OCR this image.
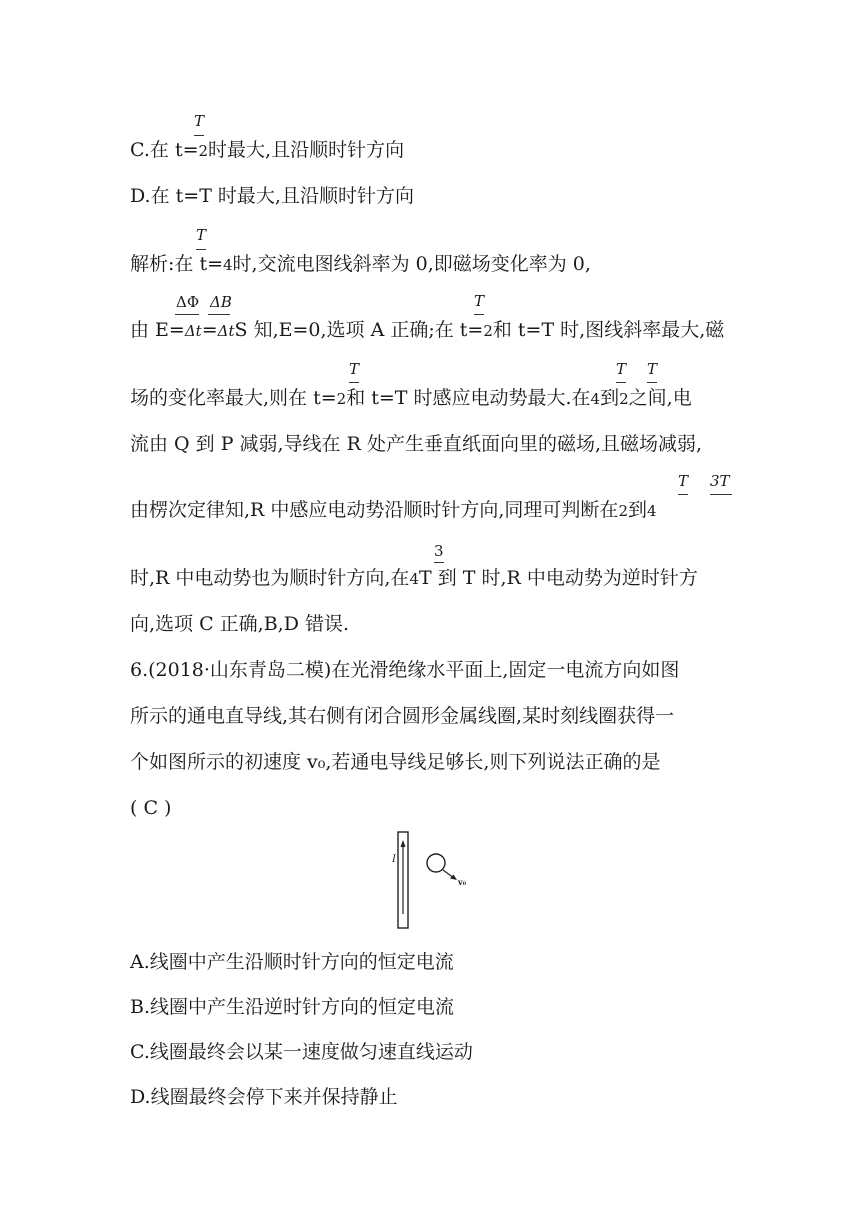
T
C.在 t=2时最大,且沿顺时针方向
D.在 t=T 时最大,且沿顺时针方向
T
解析:在 t=4时,交流电图线斜率为 0,即磁场变化率为 0,
ΔΦ ΔB	T
由 E=Δt=ΔtS 知,E=0,选项 A 正确;在 t=2和 t=T 时,图线斜率最大,磁
T	T T
场的变化率最大,则在 t=2和 t=T 时感应电动势最大.在4到2之间,电
流由 Q 到 P 减弱,导线在 R 处产生垂直纸面向里的磁场,且磁场减弱,
T 3T
由楞次定律知,R 中感应电动势沿顺时针方向,同理可判断在2到4
3
时,R 中电动势也为顺时针方向,在4T 到 T 时,R 中电动势为逆时针方
向,选项 C 正确,B,D 错误.
6.(2018·山东青岛二模)在光滑绝缘水平面上,固定一电流方向如图
所示的通电直导线,其右侧有闭合圆形金属线圈,某时刻线圈获得一
个如图所示的初速度 v₀,若通电导线足够长,则下列说法正确的是
( C )
I
v₀
A.线圈中产生沿顺时针方向的恒定电流
B.线圈中产生沿逆时针方向的恒定电流
C.线圈最终会以某一速度做匀速直线运动
D.线圈最终会停下来并保持静止
